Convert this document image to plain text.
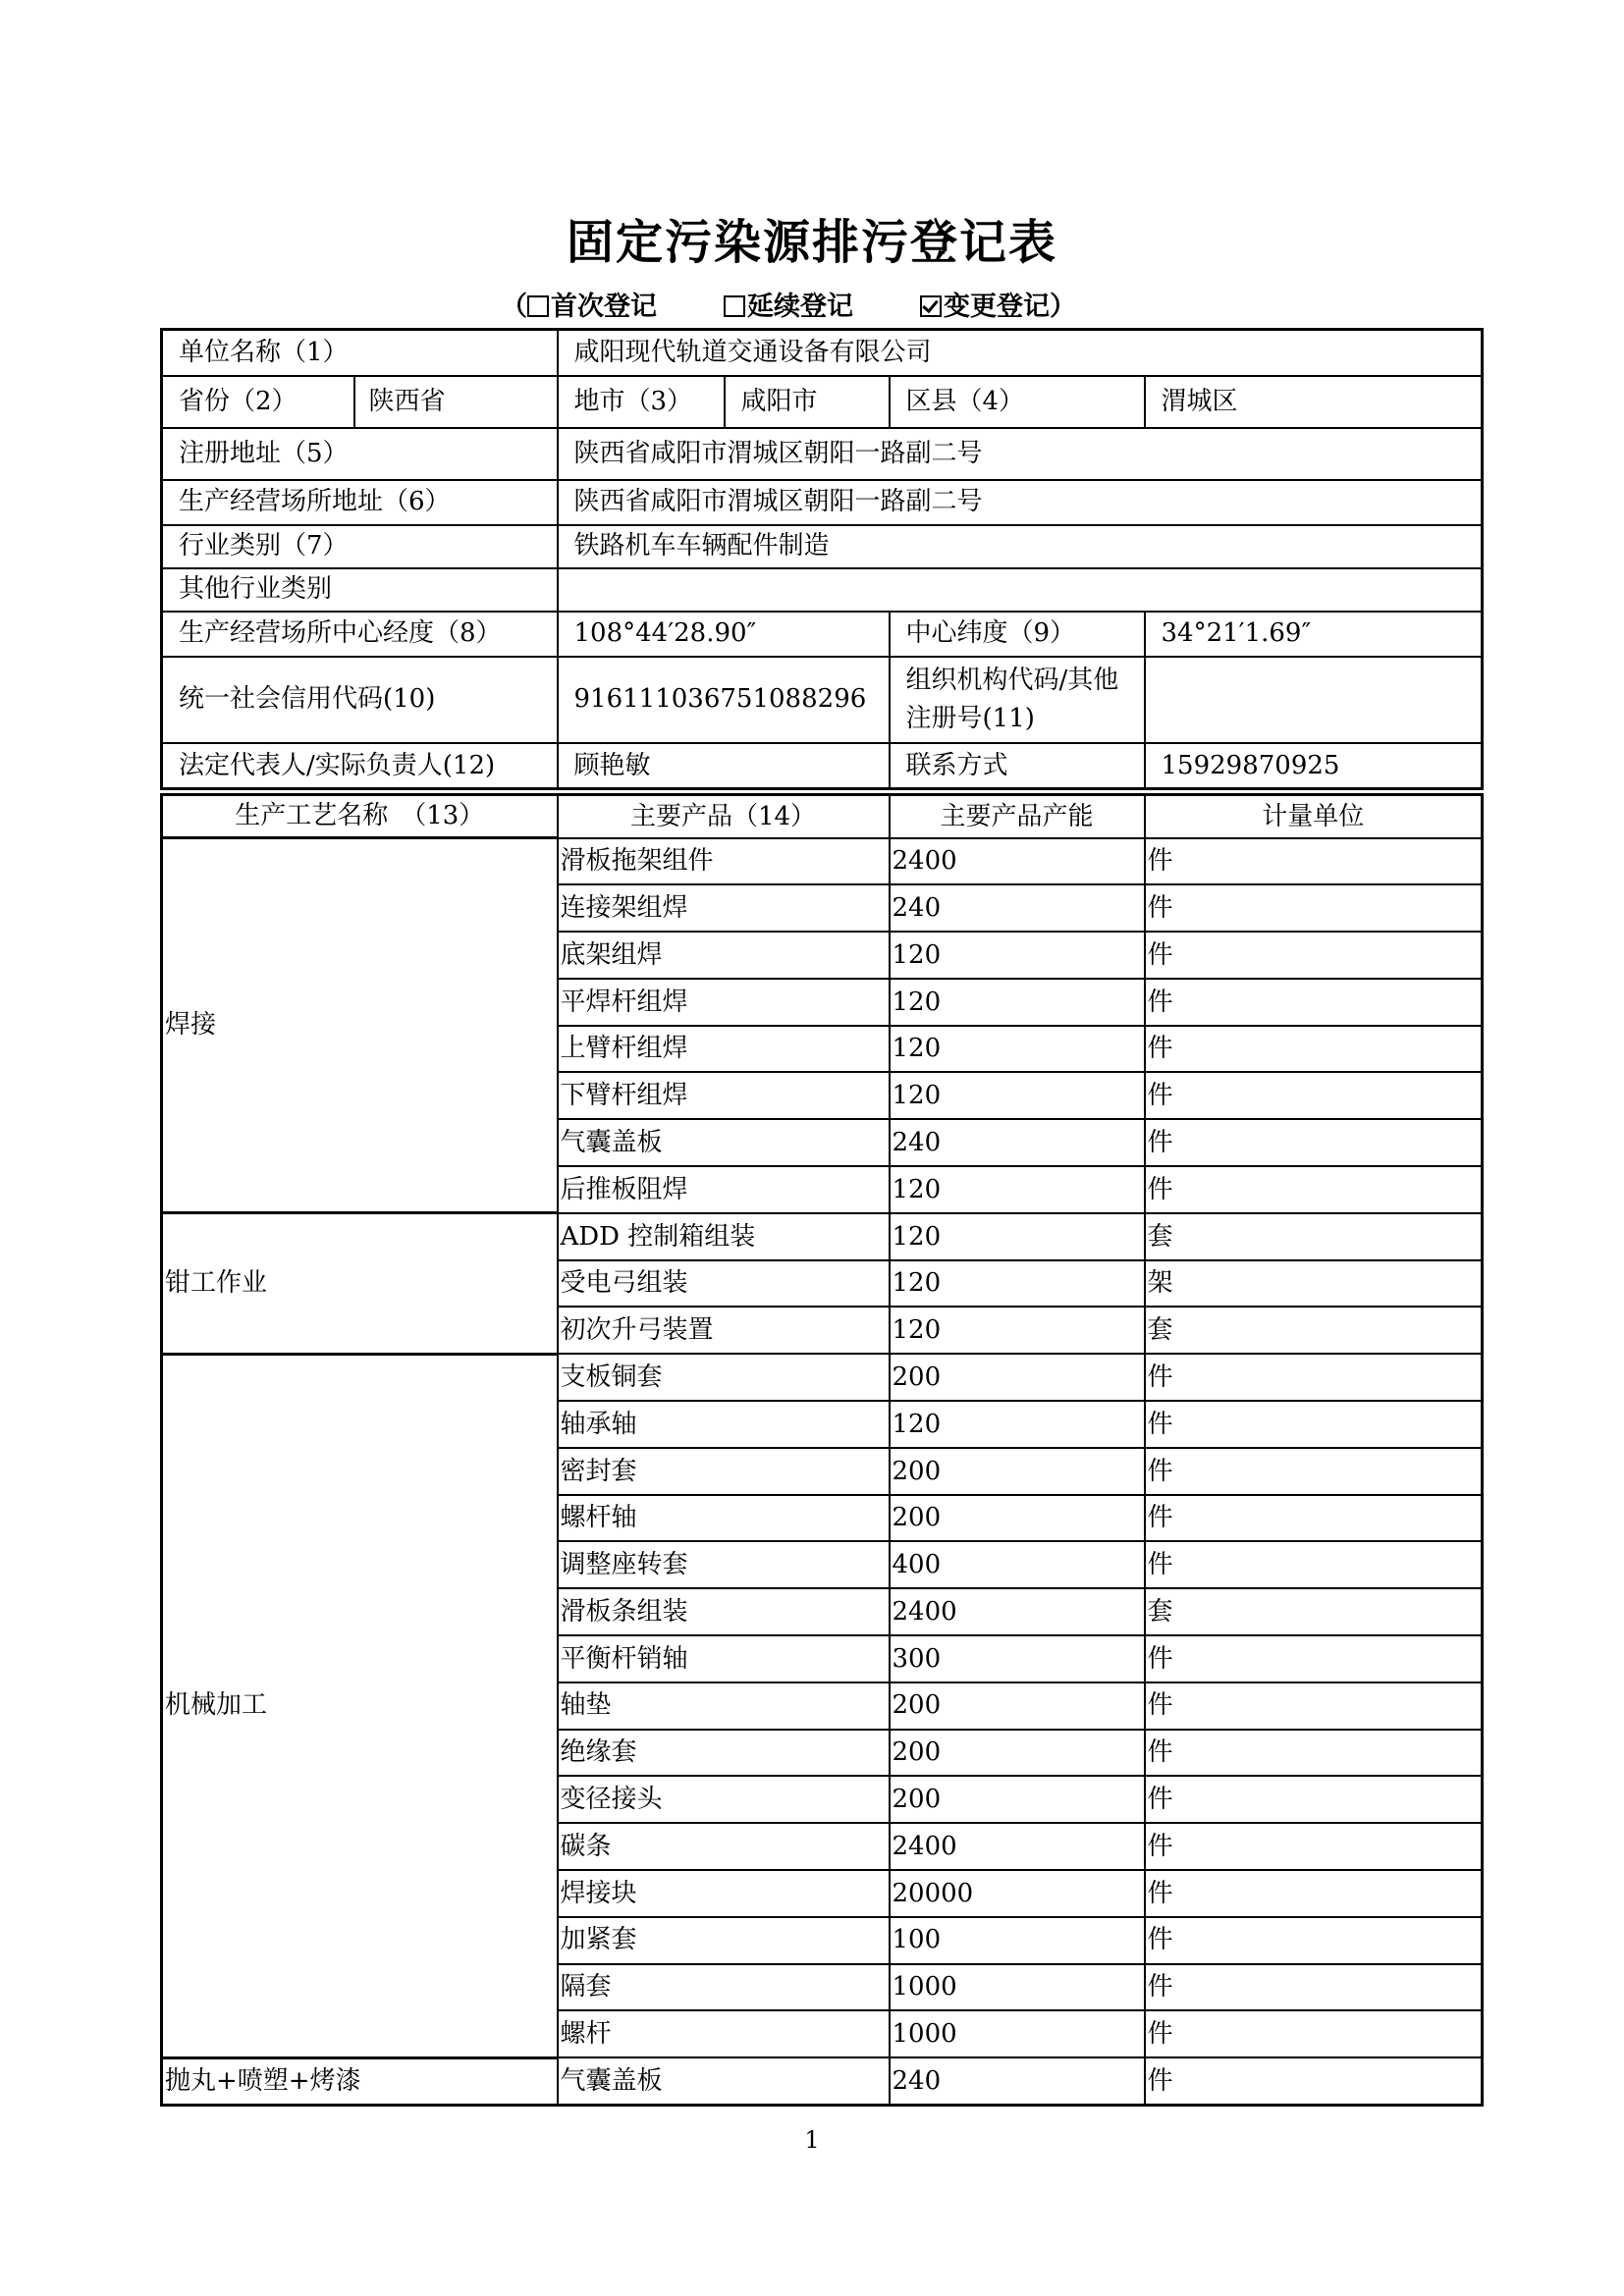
固定污染源排污登记表
（ 首次登记	延续登记	变更登记）
单位名称（1）		咸阳现代轨道交通设备有限公司			
省份（2）	陕西省	地市（3）	咸阳市	区县（4）	渭城区
注册地址（5）		陕西省咸阳市渭城区朝阳一路副二号			
生产经营场所地址（6）		陕西省咸阳市渭城区朝阳一路副二号			
行业类别（7）		铁路机车车辆配件制造			
其他行业类别					
生产经营场所中心经度（8）		108°44′28.90″		中心纬度（9）	34°21′1.69″
统一社会信用代码(10)		916111036751088296		组织机构代码/其他注册号(11)	
法定代表人/实际负责人(12)		顾艳敏		联系方式	15929870925
生产工艺名称　（13）	主要产品（14）	主要产品产能	计量单位
焊接	滑板拖架组件	2400	件
	连接架组焊	240	件
	底架组焊	120	件
	平焊杆组焊	120	件
	上臂杆组焊	120	件
	下臂杆组焊	120	件
	气囊盖板	240	件
	后推板阻焊	120	件
钳工作业	ADD 控制箱组装	120	套
	受电弓组装	120	架
	初次升弓装置	120	套
机械加工	支板铜套	200	件
	轴承轴	120	件
	密封套	200	件
	螺杆轴	200	件
	调整座转套	400	件
	滑板条组装	2400	套
	平衡杆销轴	300	件
	轴垫	200	件
	绝缘套	200	件
	变径接头	200	件
	碳条	2400	件
	焊接块	20000	件
	加紧套	100	件
	隔套	1000	件
	螺杆	1000	件
抛丸+喷塑+烤漆	气囊盖板	240	件
1
